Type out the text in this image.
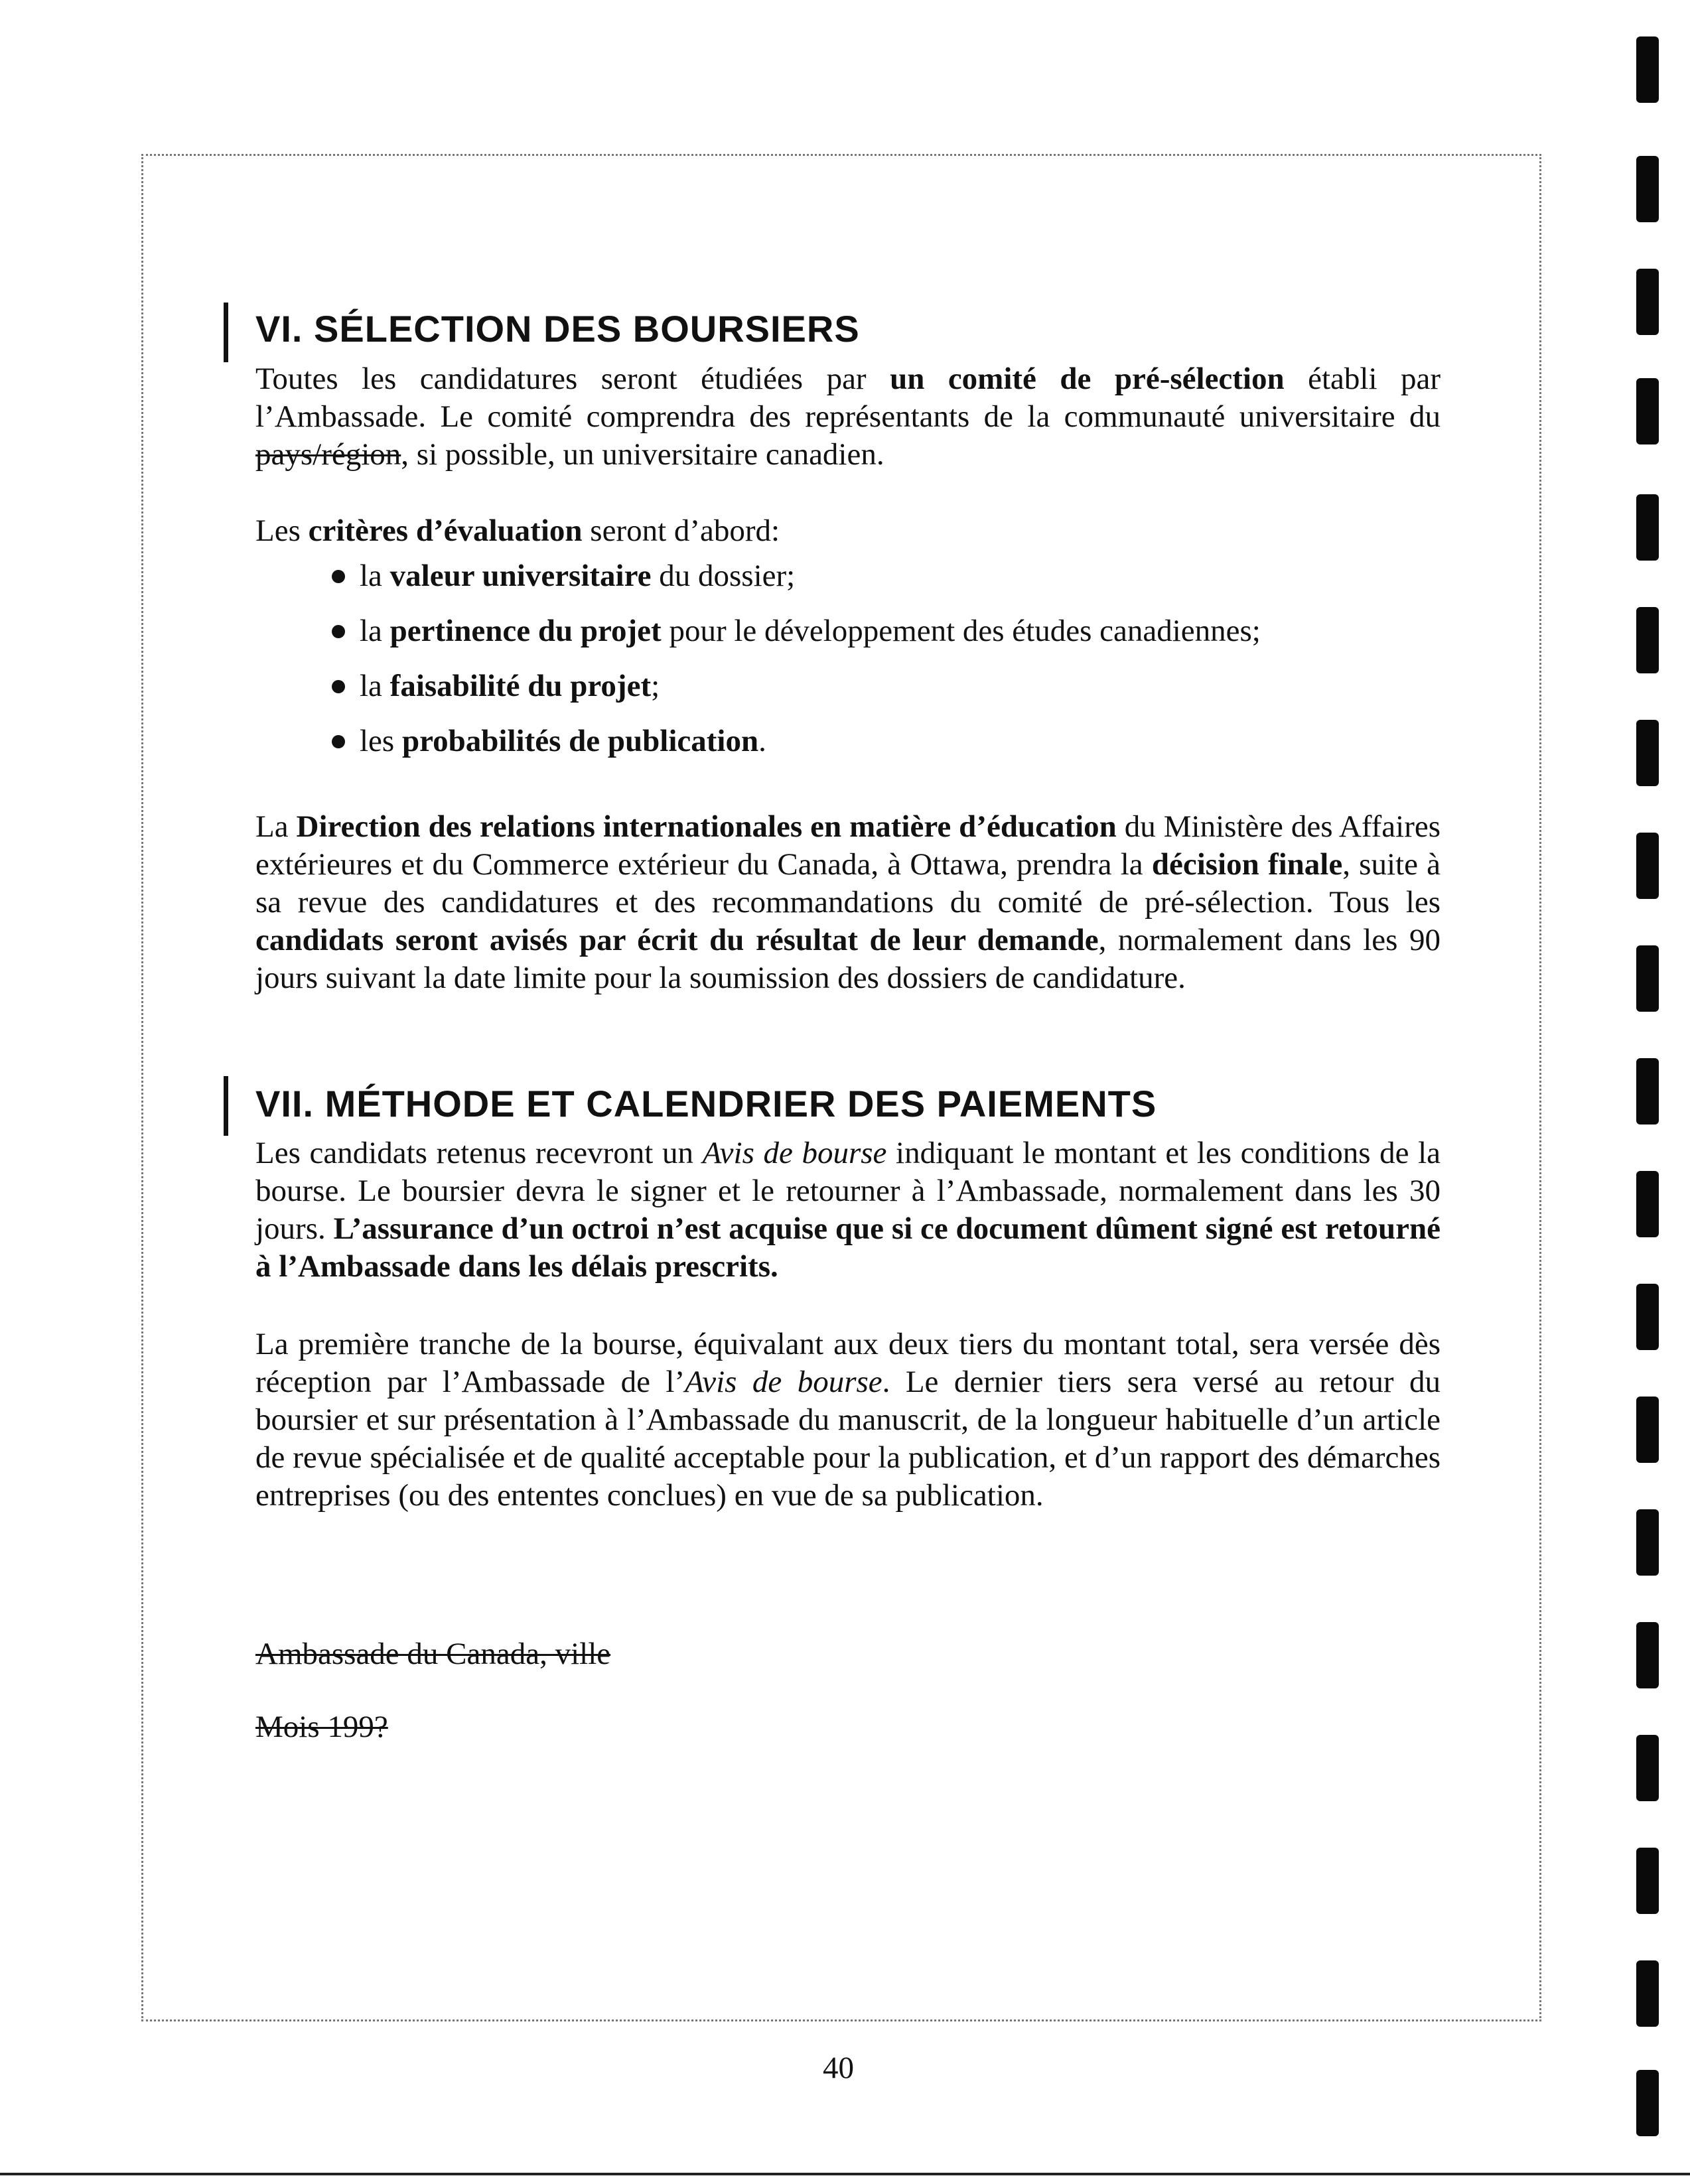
VI. SÉLECTION DES BOURSIERS

Toutes les candidatures seront étudiées par un comité de pré-sélection établi par l’Ambassade. Le comité comprendra des représentants de la communauté universitaire du pays/région, si possible, un universitaire canadien.

Les critères d’évaluation seront d’abord:

la valeur universitaire du dossier;
la pertinence du projet pour le développement des études canadiennes;
la faisabilité du projet;
les probabilités de publication.

La Direction des relations internationales en matière d’éducation du Ministère des Affaires extérieures et du Commerce extérieur du Canada, à Ottawa, prendra la décision finale, suite à sa revue des candidatures et des recommandations du comité de pré-sélection. Tous les candidats seront avisés par écrit du résultat de leur demande, normalement dans les 90 jours suivant la date limite pour la soumission des dossiers de candidature.

VII. MÉTHODE ET CALENDRIER DES PAIEMENTS

Les candidats retenus recevront un Avis de bourse indiquant le montant et les conditions de la bourse. Le boursier devra le signer et le retourner à l’Ambassade, normalement dans les 30 jours. L’assurance d’un octroi n’est acquise que si ce document dûment signé est retourné à l’Ambassade dans les délais prescrits.

La première tranche de la bourse, équivalant aux deux tiers du montant total, sera versée dès réception par l’Ambassade de l’Avis de bourse. Le dernier tiers sera versé au retour du boursier et sur présentation à l’Ambassade du manuscrit, de la longueur habituelle d’un article de revue spécialisée et de qualité acceptable pour la publication, et d’un rapport des démarches entreprises (ou des ententes conclues) en vue de sa publication.

Ambassade du Canada, ville
Mois 199?
40
